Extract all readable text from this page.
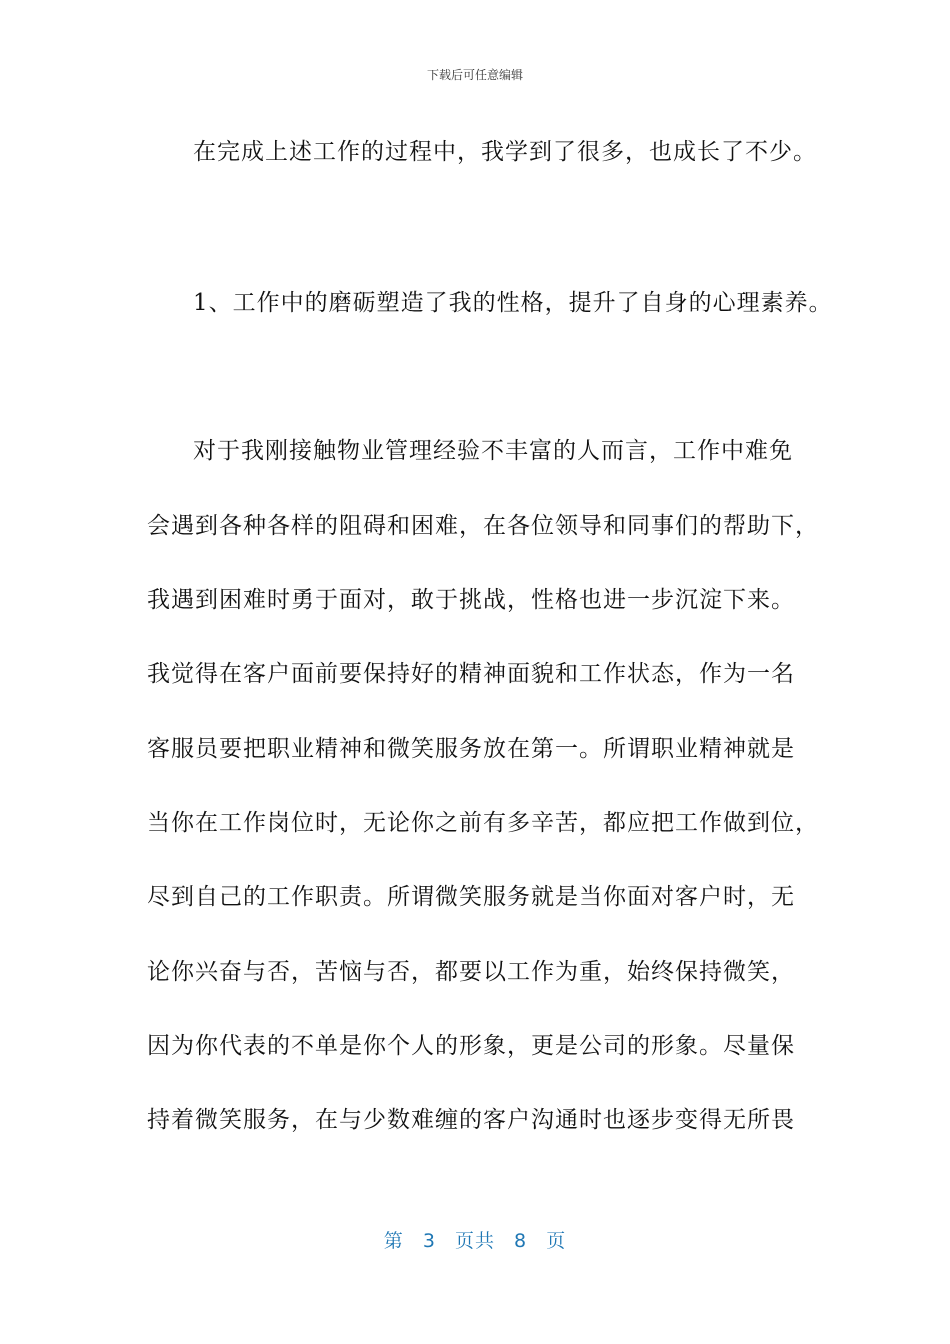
下载后可任意编辑
在完成上述工作的过程中，我学到了很多，也成长了不少。
1、工作中的磨砺塑造了我的性格，提升了自身的心理素养。
对于我刚接触物业管理经验不丰富的人而言，工作中难免
会遇到各种各样的阻碍和困难，在各位领导和同事们的帮助下，
我遇到困难时勇于面对，敢于挑战，性格也进一步沉淀下来。
我觉得在客户面前要保持好的精神面貌和工作状态，作为一名
客服员要把职业精神和微笑服务放在第一。所谓职业精神就是
当你在工作岗位时，无论你之前有多辛苦，都应把工作做到位，
尽到自己的工作职责。所谓微笑服务就是当你面对客户时，无
论你兴奋与否，苦恼与否，都要以工作为重，始终保持微笑，
因为你代表的不单是你个人的形象，更是公司的形象。尽量保
持着微笑服务，在与少数难缠的客户沟通时也逐步变得无所畏
第 3 页共 8 页
